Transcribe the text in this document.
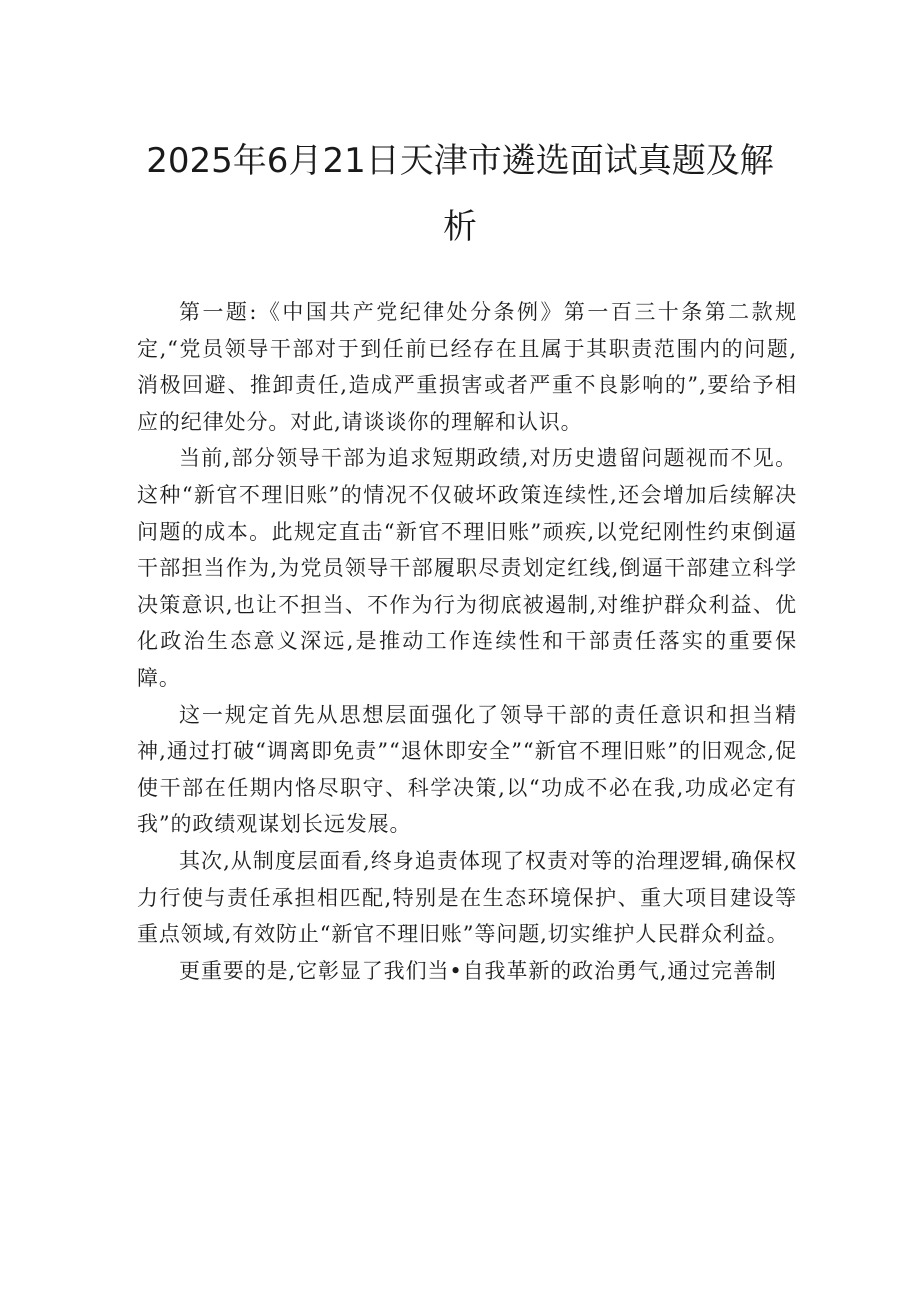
2025年6月21日天津市遴选面试真题及解析

第一题:《中国共产党纪律处分条例》第一百三十条第二款规定,“党员领导干部对于到任前已经存在且属于其职责范围内的问题,消极回避、推卸责任,造成严重损害或者严重不良影响的”,要给予相应的纪律处分。对此,请谈谈你的理解和认识。

当前,部分领导干部为追求短期政绩,对历史遗留问题视而不见。这种“新官不理旧账”的情况不仅破坏政策连续性,还会增加后续解决问题的成本。此规定直击“新官不理旧账”顽疾,以党纪刚性约束倒逼干部担当作为,为党员领导干部履职尽责划定红线,倒逼干部建立科学决策意识,也让不担当、不作为行为彻底被遏制,对维护群众利益、优化政治生态意义深远,是推动工作连续性和干部责任落实的重要保障。

这一规定首先从思想层面强化了领导干部的责任意识和担当精神,通过打破“调离即免责”“退休即安全”“新官不理旧账”的旧观念,促使干部在任期内恪尽职守、科学决策,以“功成不必在我,功成必定有我”的政绩观谋划长远发展。

其次,从制度层面看,终身追责体现了权责对等的治理逻辑,确保权力行使与责任承担相匹配,特别是在生态环境保护、重大项目建设等重点领域,有效防止“新官不理旧账”等问题,切实维护人民群众利益。

更重要的是,它彰显了我们当•自我革新的政治勇气,通过完善制
